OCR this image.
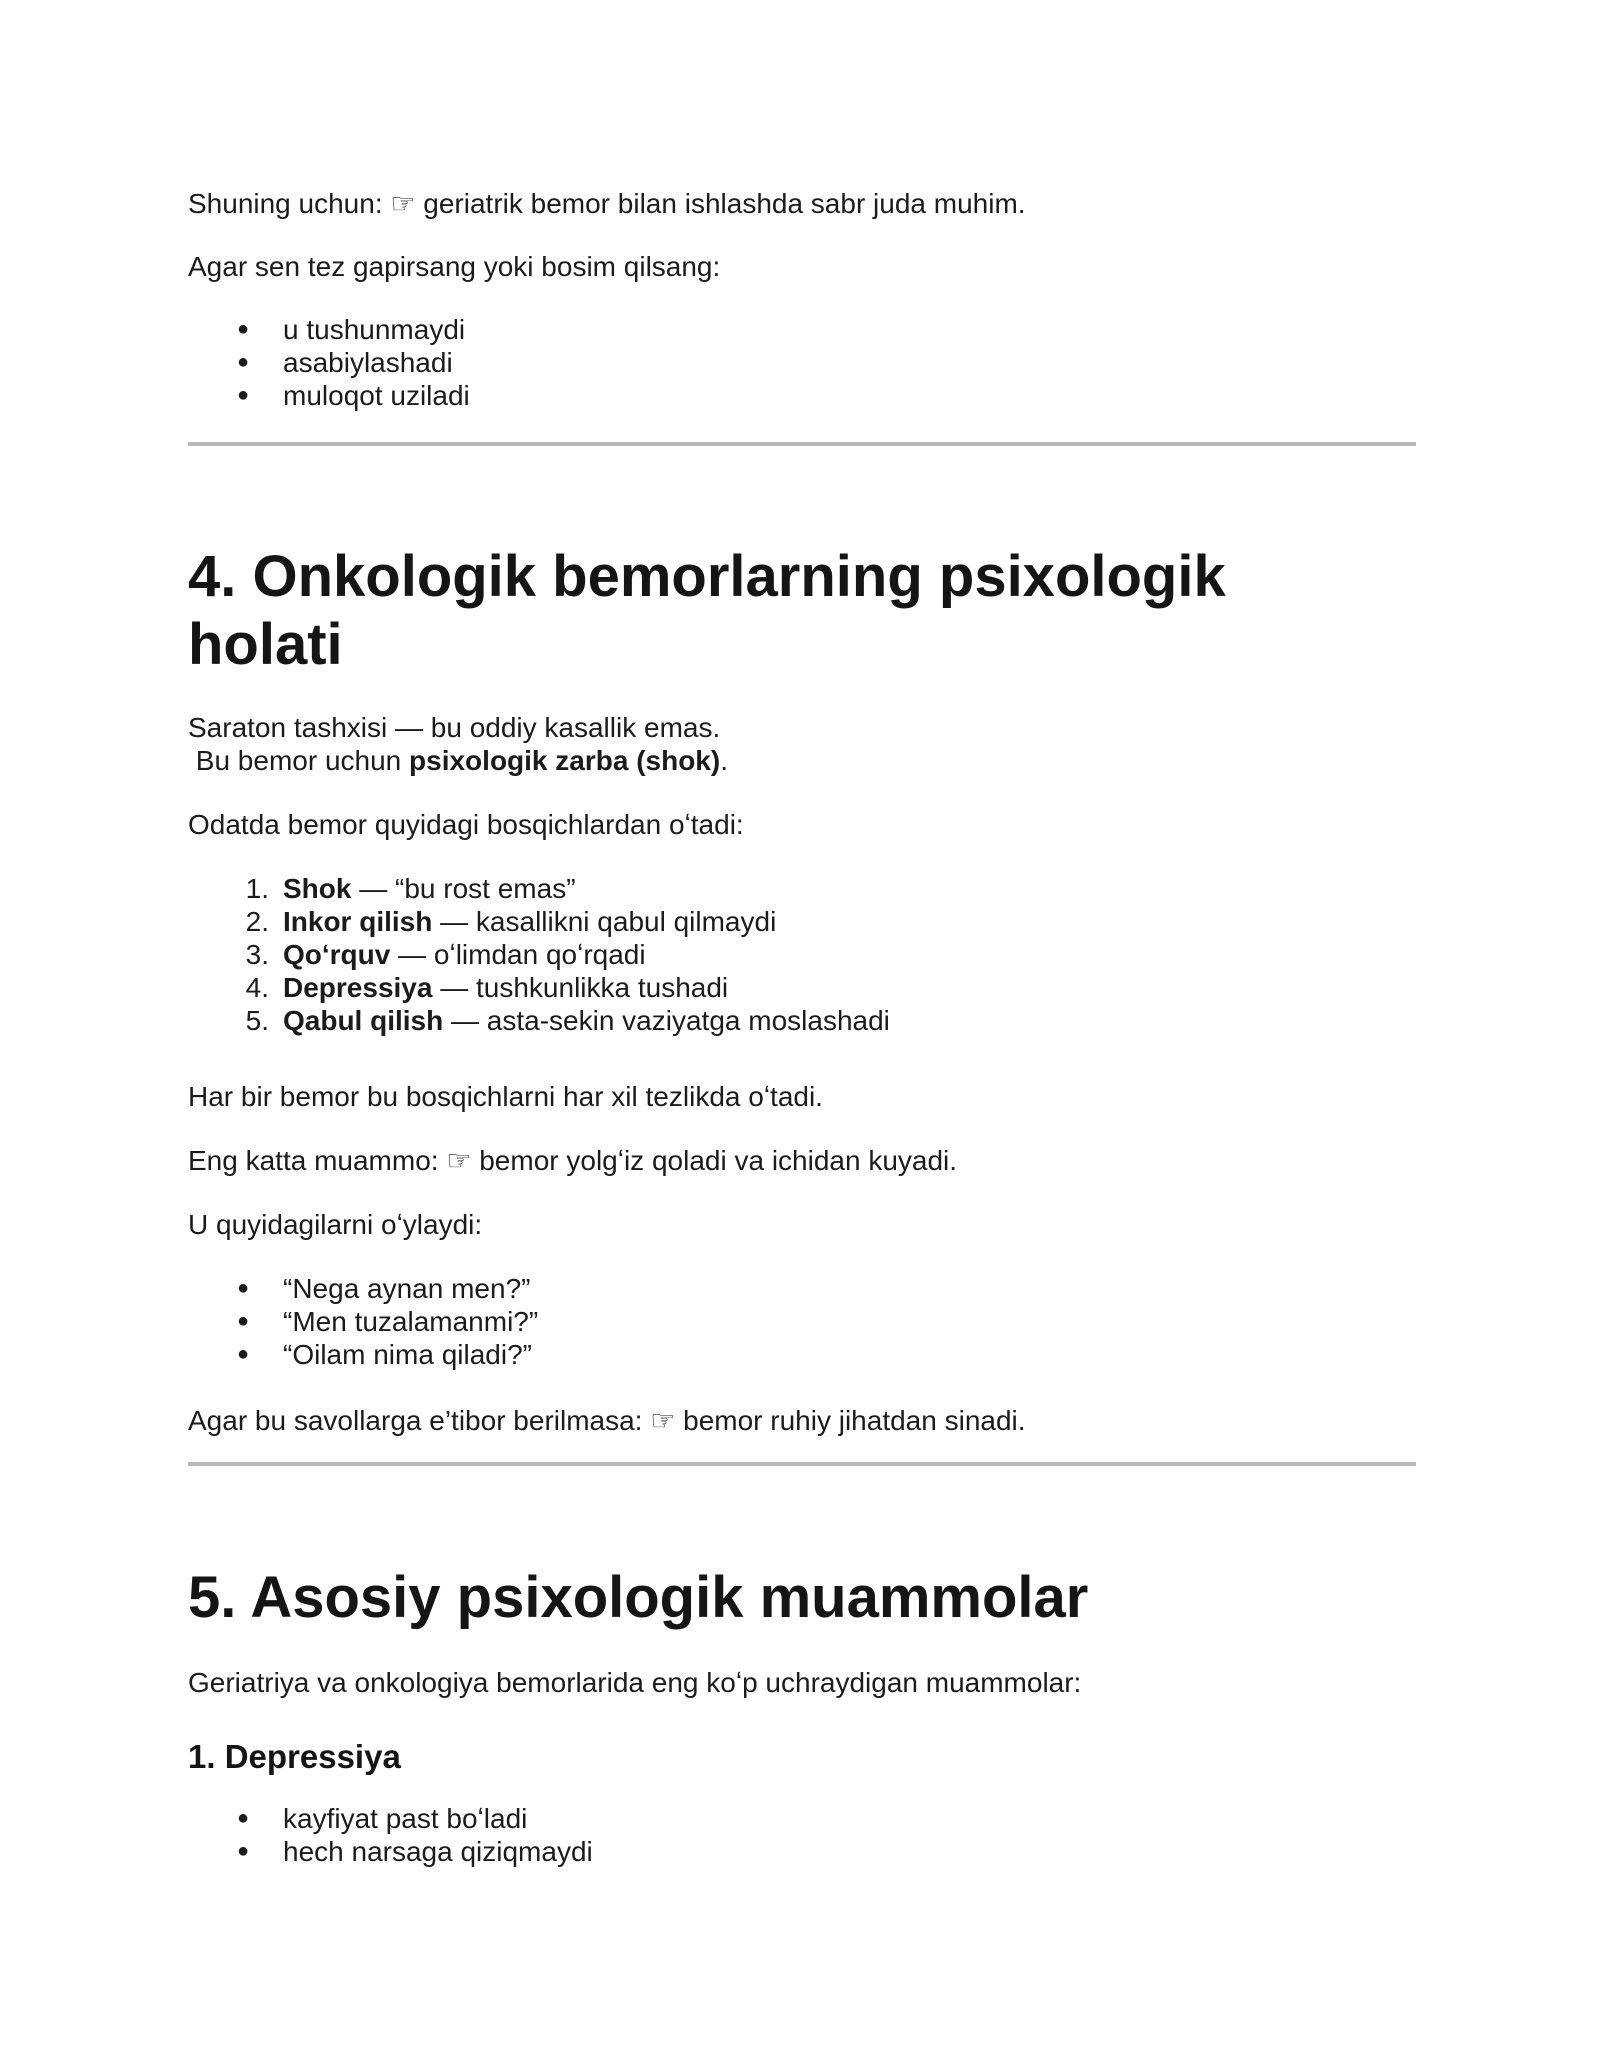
Shuning uchun: ☞ geriatrik bemor bilan ishlashda sabr juda muhim.

Agar sen tez gapirsang yoki bosim qilsang:

● u tushunmaydi
● asabiylashadi
● muloqot uziladi
4. Onkologik bemorlarning psixologik
holati

Saraton tashxisi — bu oddiy kasallik emas.
Bu bemor uchun psixologik zarba (shok).

Odatda bemor quyidagi bosqichlardan oʻtadi:

1. Shok — “bu rost emas”
2. Inkor qilish — kasallikni qabul qilmaydi
3. Qoʻrquv — oʻlimdan qoʻrqadi
4. Depressiya — tushkunlikka tushadi
5. Qabul qilish — asta-sekin vaziyatga moslashadi

Har bir bemor bu bosqichlarni har xil tezlikda oʻtadi.

Eng katta muammo: ☞ bemor yolgʻiz qoladi va ichidan kuyadi.

U quyidagilarni oʻylaydi:

● “Nega aynan men?”
● “Men tuzalamanmi?”
● “Oilam nima qiladi?”

Agar bu savollarga e’tibor berilmasa: ☞ bemor ruhiy jihatdan sinadi.

5. Asosiy psixologik muammolar

Geriatriya va onkologiya bemorlarida eng koʻp uchraydigan muammolar:

1. Depressiya
● kayfiyat past boʻladi
● hech narsaga qiziqmaydi
